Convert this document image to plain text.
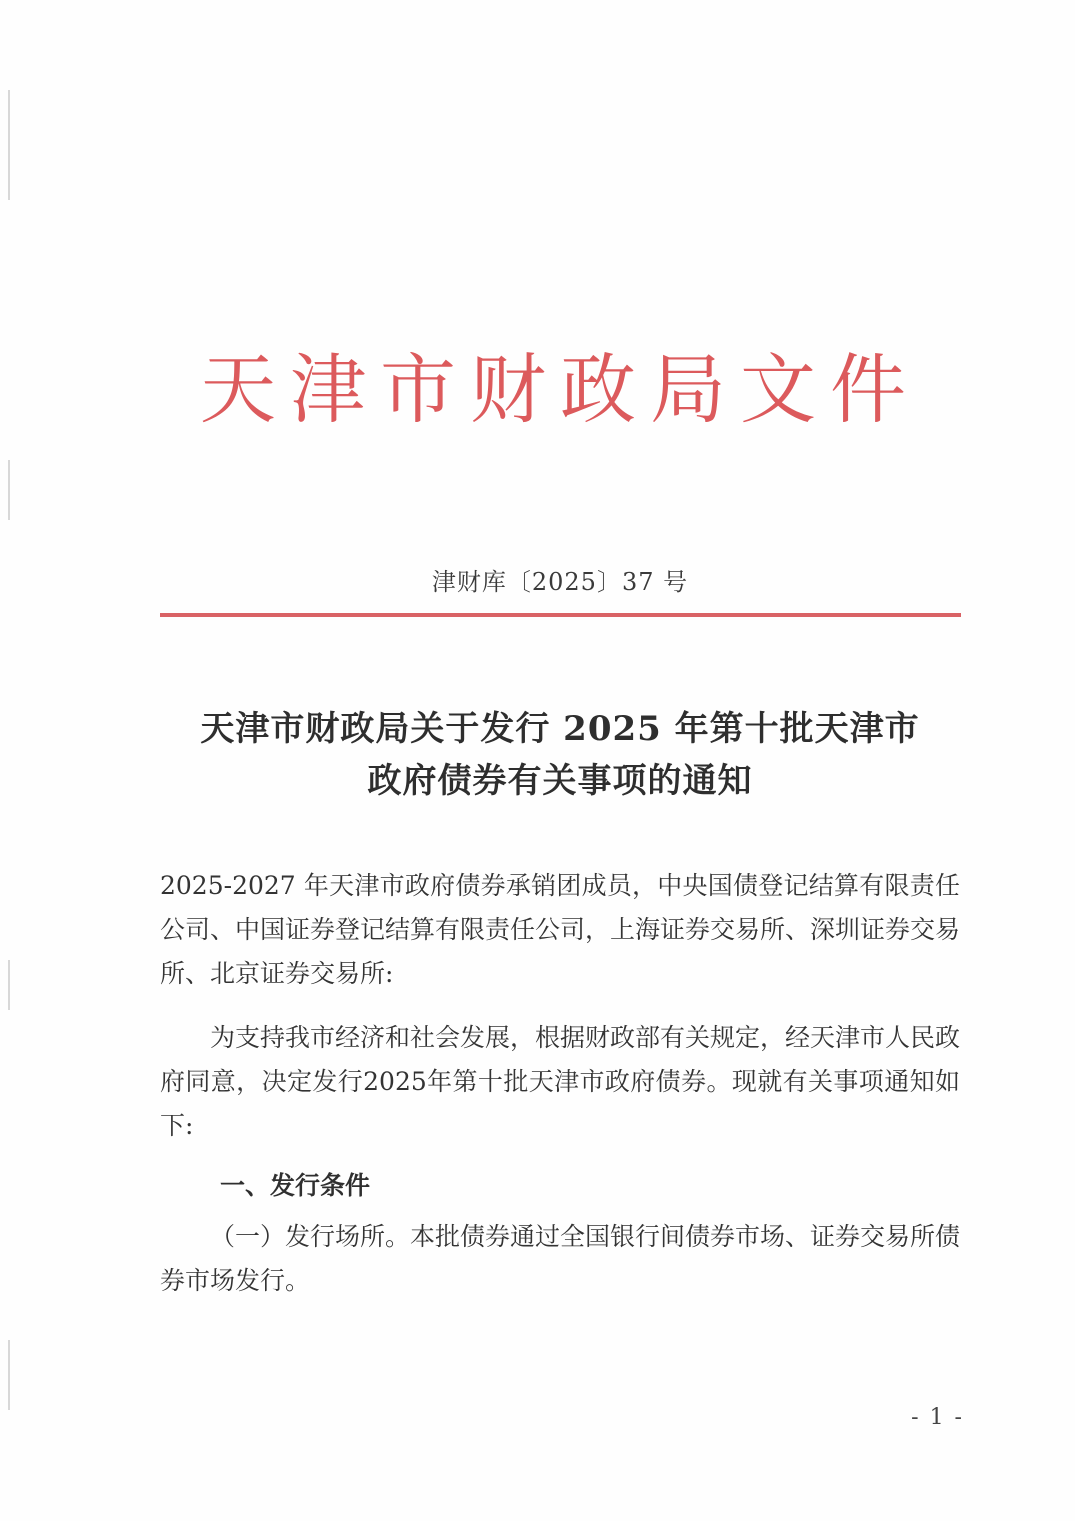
天津市财政局文件
津财库〔2025〕37 号
天津市财政局关于发行 2025 年第十批天津市
政府债券有关事项的通知
2025-2027 年天津市政府债券承销团成员，中央国债登记结算有限责任公司、中国证券登记结算有限责任公司，上海证券交易所、深圳证券交易所、北京证券交易所:
为支持我市经济和社会发展，根据财政部有关规定，经天津市人民政府同意，决定发行2025年第十批天津市政府债券。现就有关事项通知如下:
一、发行条件
（一）发行场所。本批债券通过全国银行间债券市场、证券交易所债券市场发行。
- 1 -
